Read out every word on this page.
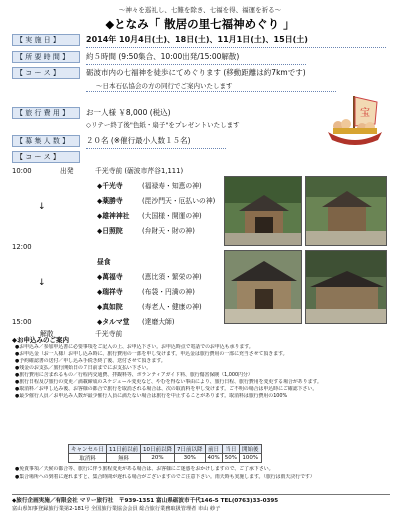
〜神々を巡礼し、七難を除き、七福を得、福運を祈る〜
◆となみ「 散居の里七福神めぐり 」
【 実 施 日 】	2014年 10月4日(土)、18日(土)、11月1日(土)、15日(土)
【 所 要 時 間 】	約５時間 (9:50集合、10:00出発/15:00解散)
【 コ ー ス 】	砺波市内の七福神を徒歩にてめぐります (移動距離は約7kmです)
〜日本石仏協会の方の同行でご案内いたします
【 旅 行 費 用 】	お一人様 ￥8,000 (税込)
◇リテー終了後"色紙・扇子"をプレゼントいたします
【 募 集 人 数 】	２０名 (※催行最小人数１５名)
【 コ ー ス 】
宝
10:00	出発	千光寺前 (砺波市芹谷1,111)
◆千光寺	(福禄寿・知恵の神)
◆薬勝寺	(毘沙門天・厄払いの神)
◆雄神神社 (大国様・開運の神)
◆日照院	(弁財天・財の神)
↓
12:00
昼食
↓
◆萬福寺	(恵比須・繁栄の神)
◆瑞祥寺	(布袋・円満の神)
◆真如院	(寿老人・健康の神)
◆タルマ堂 (達磨大師)
15:00
解散	千光寺前
◆お申込みのご案内
●お申込み／参加申込書に必要事項をご記入の上、お申込下さい。お申込時点で電話でのお申込も承ります。
●お申込金（お一人様）お申し込み時に、旅行費用の一部を申し受けます。申込金は旅行費用の一部に充当させて頂きます。
●予約確認書の送付／申し込み手続き終了後、送付させて頂きます。
●残金のお支払／旅行開始日の７日前までにお支払い下さい。
●旅行費用に含まれるもの／行程内交通費、拝観料等、ボランティアガイド料、旅行傷害保険（1,000円分）
●旅行日程及び旅行の変更／満載締成のスケジュール変更など、やむを得ない事由により、旅行日程、旅行費用を変更する場合があります。
●取消料／お申し込み後、お客様の都合で旅行を取消される場合は、次の取消料を申し受けます。ご不明の場合は申込時にご確認下さい。
●最少催行人員／お申込み人数が最少催行人員に満たない場合は旅行を中止することがあります。取消料は旅行費用の100%
キャンセル日	11日前以前	10日前以降	7日前以降	前日	当日	開始後
取消料	無料	20%	30%	40%	50%	100%
●免責事項／天候の都合等、旅行に伴う旅程変更がある場合は、お客様にご迷惑をおかけしますので、ご了承下さい。
●集合場所への到着に遅れますと、集合時間が遅れる場合がございますのでご注意下さい。雨天時も実施します。（旅行は雨天決行です）
◆旅行企画実施／有限会社 マリー旅行社　〒939-1351 富山県砺波市千代146-5 TEL(0763)33-0395
富山県知事登録旅行業第2-181号 全国旅行業協会会員 総合旅行業務取扱管理者 市山 紗子
